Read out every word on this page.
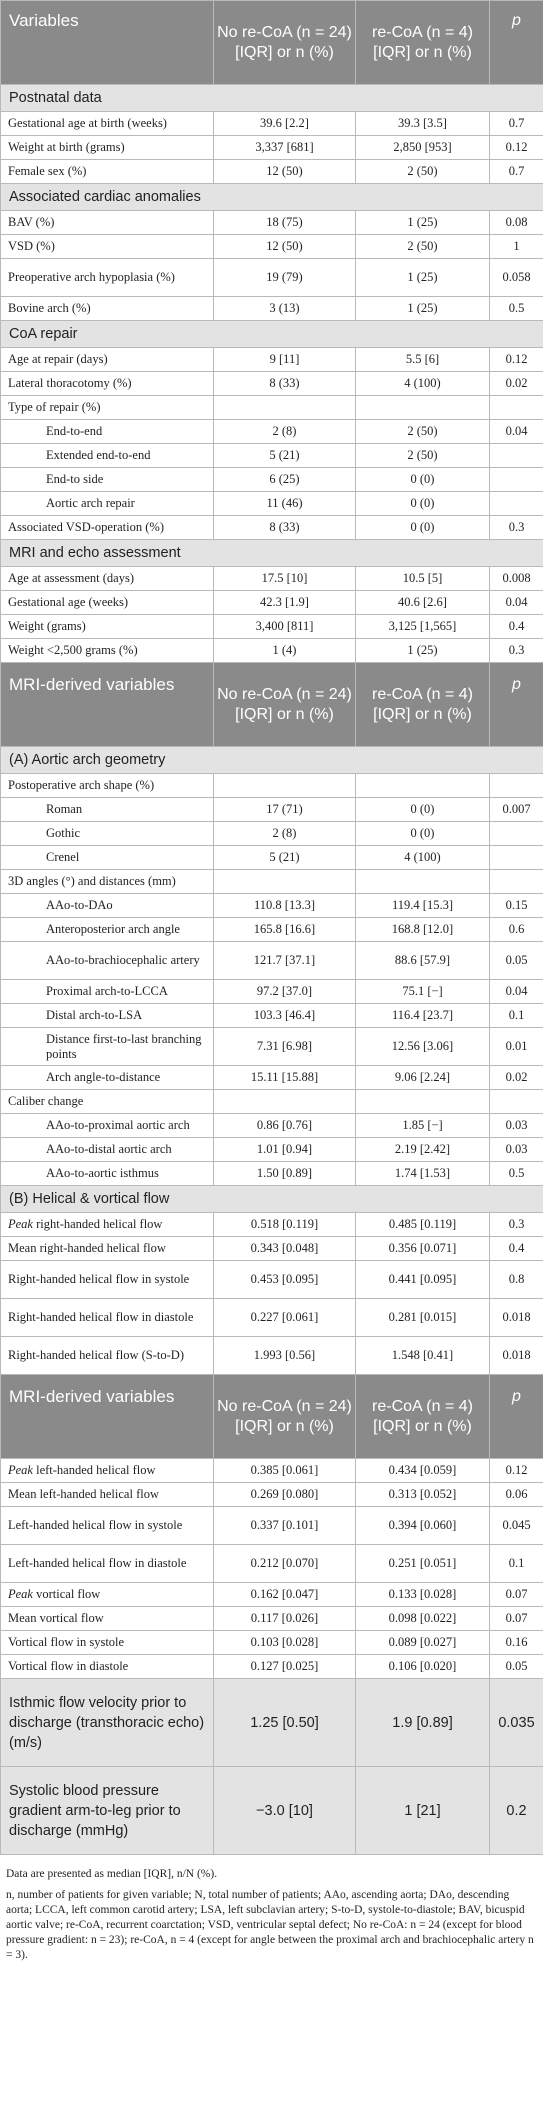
Variables	No re-CoA (n = 24) [IQR] or n (%)	re-CoA (n = 4) [IQR] or n (%)	p
Postnatal data			
Gestational age at birth (weeks)	39.6 [2.2]	39.3 [3.5]	0.7
Weight at birth (grams)	3,337 [681]	2,850 [953]	0.12
Female sex (%)	12 (50)	2 (50)	0.7
Associated cardiac anomalies			
BAV (%)	18 (75)	1 (25)	0.08
VSD (%)	12 (50)	2 (50)	1
Preoperative arch hypoplasia (%)	19 (79)	1 (25)	0.058
Bovine arch (%)	3 (13)	1 (25)	0.5
CoA repair			
Age at repair (days)	9 [11]	5.5 [6]	0.12
Lateral thoracotomy (%)	8 (33)	4 (100)	0.02
Type of repair (%)			
End-to-end	2 (8)	2 (50)	0.04
Extended end-to-end	5 (21)	2 (50)	
End-to side	6 (25)	0 (0)	
Aortic arch repair	11 (46)	0 (0)	
Associated VSD-operation (%)	8 (33)	0 (0)	0.3
MRI and echo assessment			
Age at assessment (days)	17.5 [10]	10.5 [5]	0.008
Gestational age (weeks)	42.3 [1.9]	40.6 [2.6]	0.04
Weight (grams)	3,400 [811]	3,125 [1,565]	0.4
Weight <2,500 grams (%)	1 (4)	1 (25)	0.3
MRI-derived variables	No re-CoA (n = 24) [IQR] or n (%)	re-CoA (n = 4) [IQR] or n (%)	p
(A) Aortic arch geometry			
Postoperative arch shape (%)			
Roman	17 (71)	0 (0)	0.007
Gothic	2 (8)	0 (0)	
Crenel	5 (21)	4 (100)	
3D angles (°) and distances (mm)			
AAo-to-DAo	110.8 [13.3]	119.4 [15.3]	0.15
Anteroposterior arch angle	165.8 [16.6]	168.8 [12.0]	0.6
AAo-to-brachiocephalic artery	121.7 [37.1]	88.6 [57.9]	0.05
Proximal arch-to-LCCA	97.2 [37.0]	75.1 [−]	0.04
Distal arch-to-LSA	103.3 [46.4]	116.4 [23.7]	0.1
Distance first-to-last branching points	7.31 [6.98]	12.56 [3.06]	0.01
Arch angle-to-distance	15.11 [15.88]	9.06 [2.24]	0.02
Caliber change			
AAo-to-proximal aortic arch	0.86 [0.76]	1.85 [−]	0.03
AAo-to-distal aortic arch	1.01 [0.94]	2.19 [2.42]	0.03
AAo-to-aortic isthmus	1.50 [0.89]	1.74 [1.53]	0.5
(B) Helical & vortical flow			
Peak right-handed helical flow	0.518 [0.119]	0.485 [0.119]	0.3
Mean right-handed helical flow	0.343 [0.048]	0.356 [0.071]	0.4
Right-handed helical flow in systole	0.453 [0.095]	0.441 [0.095]	0.8
Right-handed helical flow in diastole	0.227 [0.061]	0.281 [0.015]	0.018
Right-handed helical flow (S-to-D)	1.993 [0.56]	1.548 [0.41]	0.018
MRI-derived variables	No re-CoA (n = 24) [IQR] or n (%)	re-CoA (n = 4) [IQR] or n (%)	p
Peak left-handed helical flow	0.385 [0.061]	0.434 [0.059]	0.12
Mean left-handed helical flow	0.269 [0.080]	0.313 [0.052]	0.06
Left-handed helical flow in systole	0.337 [0.101]	0.394 [0.060]	0.045
Left-handed helical flow in diastole	0.212 [0.070]	0.251 [0.051]	0.1
Peak vortical flow	0.162 [0.047]	0.133 [0.028]	0.07
Mean vortical flow	0.117 [0.026]	0.098 [0.022]	0.07
Vortical flow in systole	0.103 [0.028]	0.089 [0.027]	0.16
Vortical flow in diastole	0.127 [0.025]	0.106 [0.020]	0.05
Isthmic flow velocity prior to discharge (transthoracic echo) (m/s)	1.25 [0.50]	1.9 [0.89]	0.035
Systolic blood pressure gradient arm-to-leg prior to discharge (mmHg)	−3.0 [10]	1 [21]	0.2

Data are presented as median [IQR], n/N (%).

n, number of patients for given variable; N, total number of patients; AAo, ascending aorta; DAo, descending aorta; LCCA, left common carotid artery; LSA, left subclavian artery; S-to-D, systole-to-diastole; BAV, bicuspid aortic valve; re-CoA, recurrent coarctation; VSD, ventricular septal defect; No re-CoA: n = 24 (except for blood pressure gradient: n = 23); re-CoA, n = 4 (except for angle between the proximal arch and brachiocephalic artery n = 3).
